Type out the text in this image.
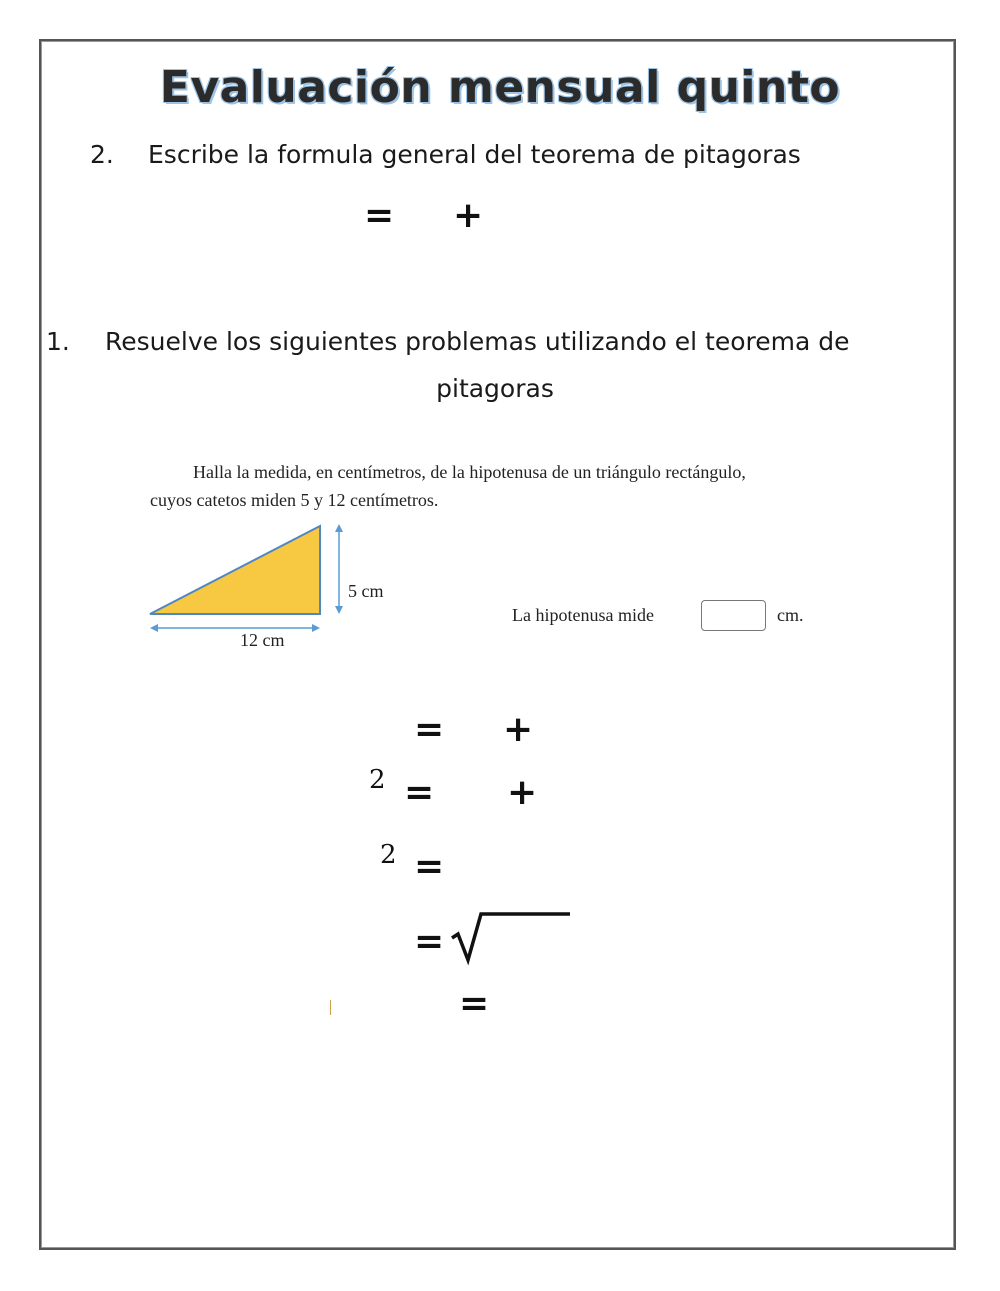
Evaluación mensual quinto
2. Escribe la formula general del teorema de pitagoras
= +
1. Resuelve los siguientes problemas utilizando el teorema de
pitagoras
Halla la medida, en centímetros, de la hipotenusa de un triángulo rectángulo,
cuyos catetos miden 5 y 12 centímetros.
5 cm
12 cm
La hipotenusa mide	cm.
= +
2 = +
2 =
=
=
